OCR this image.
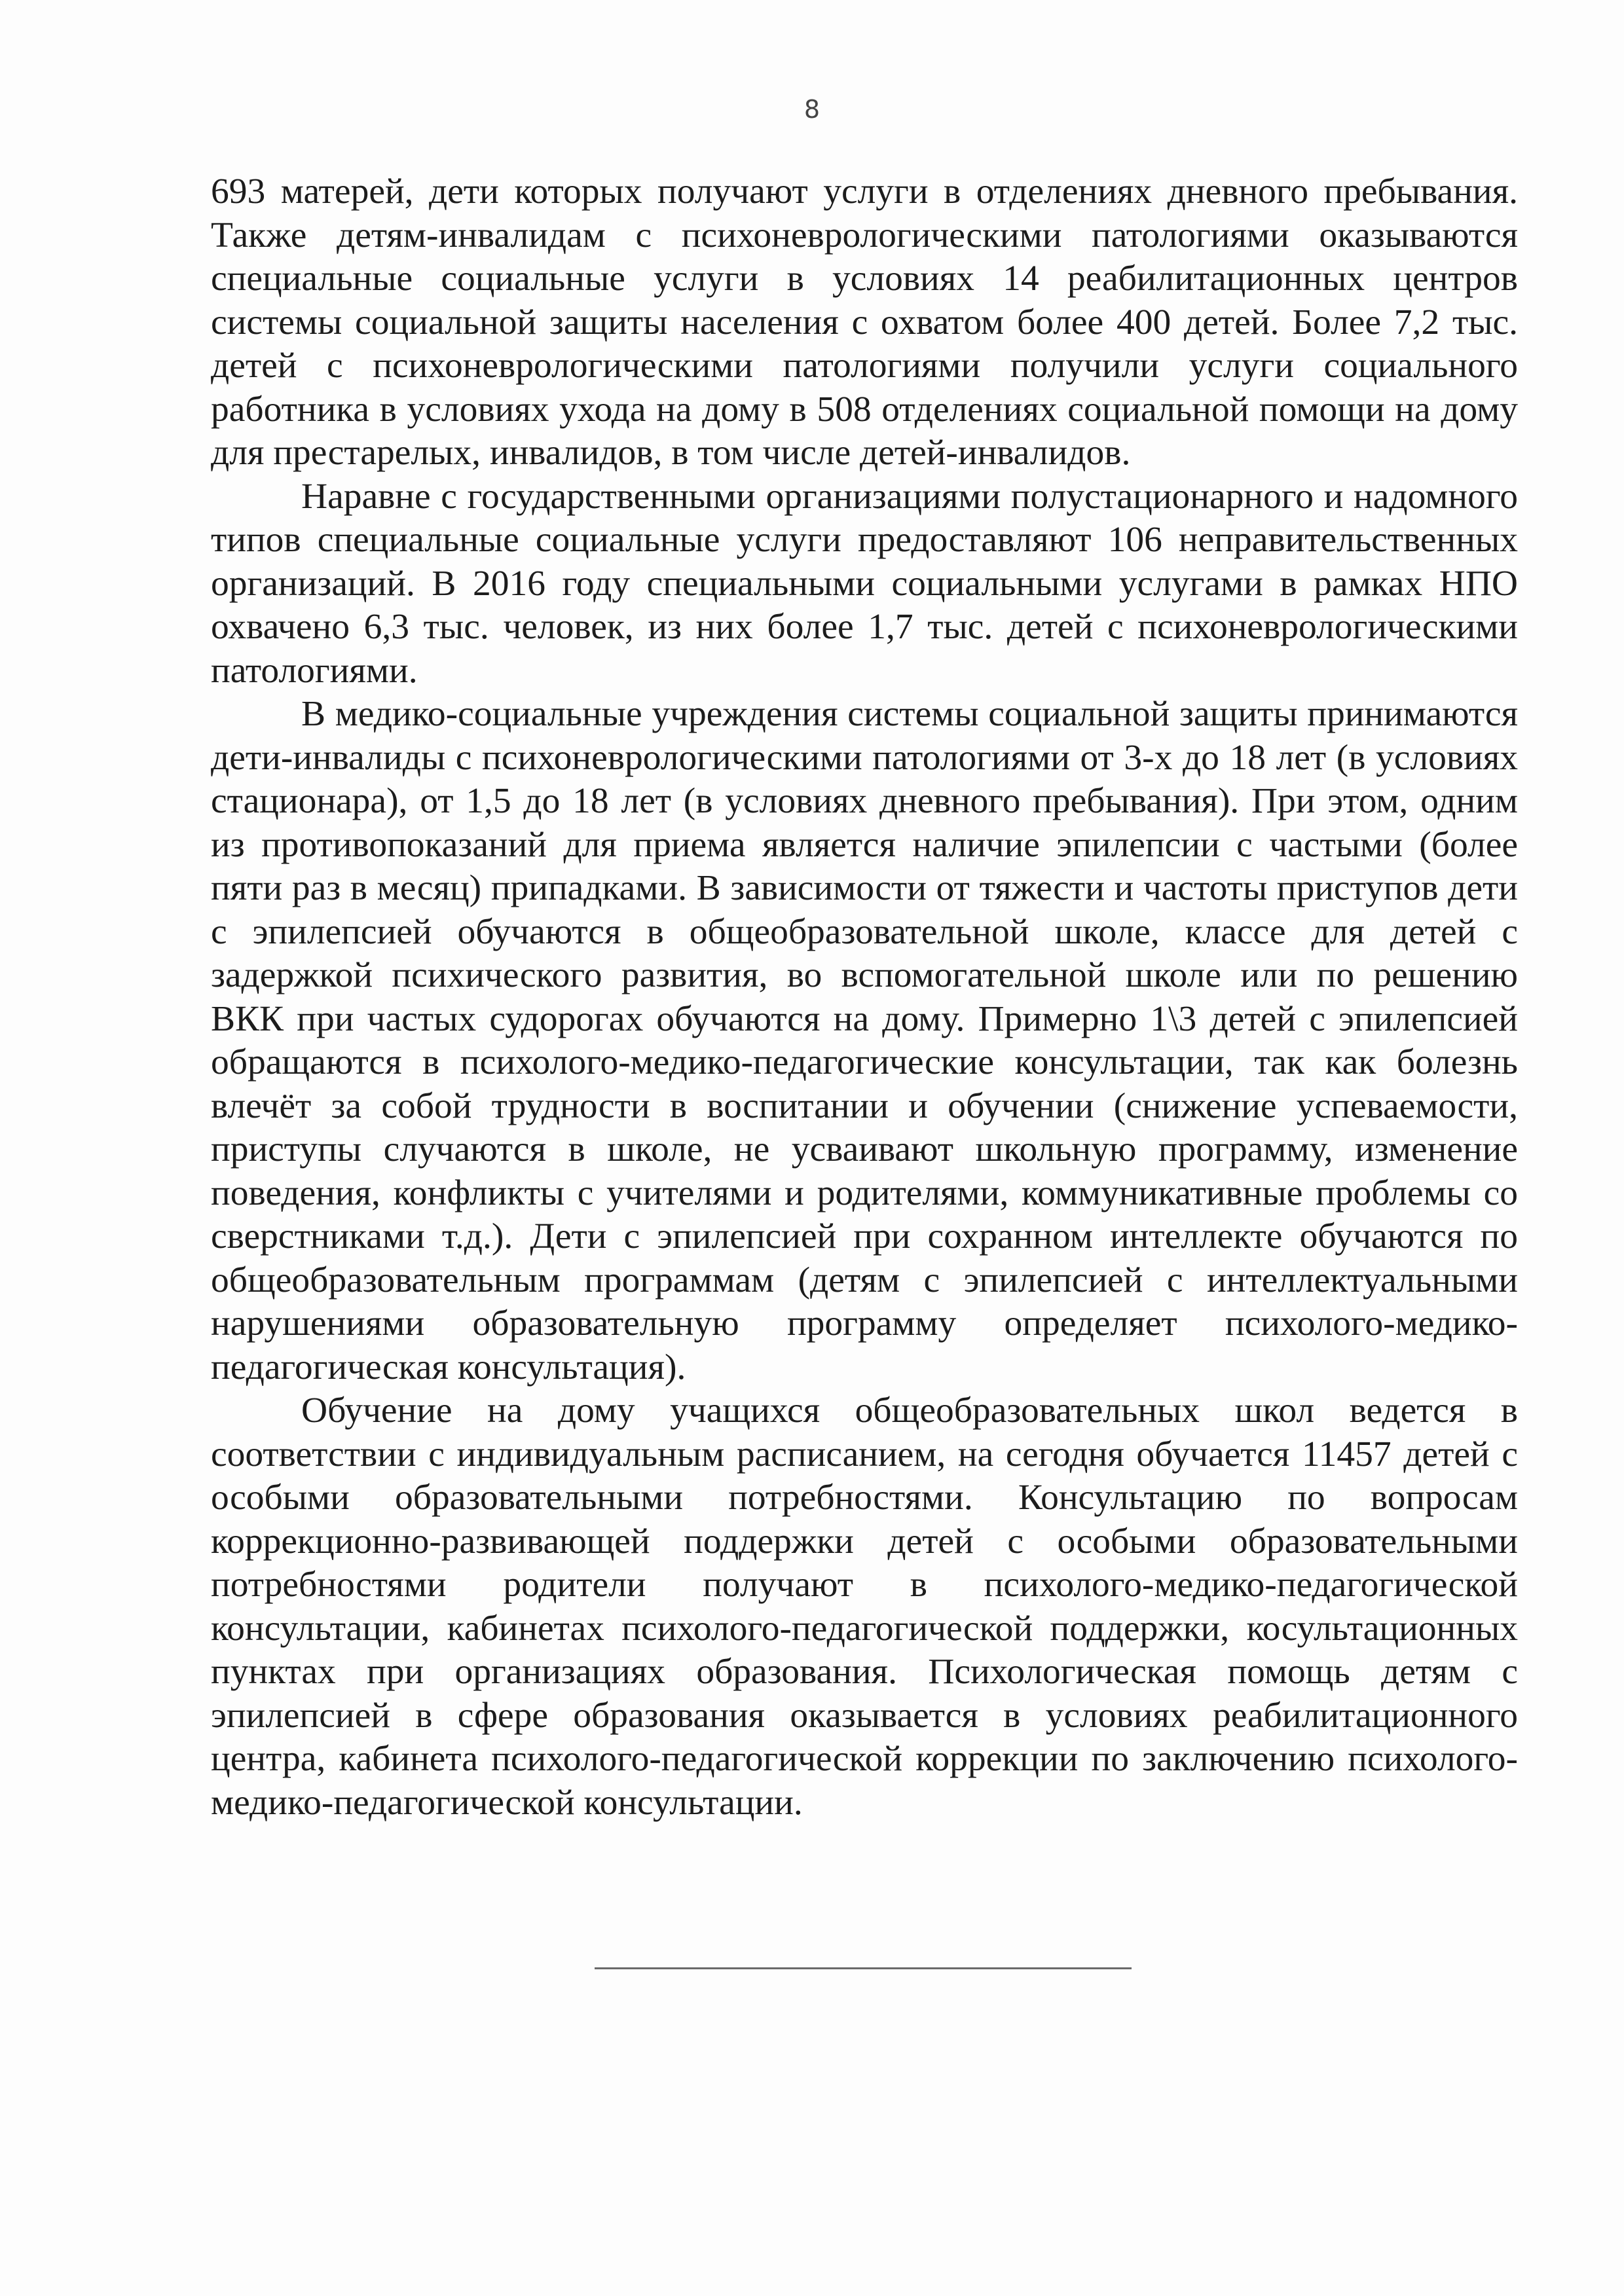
8

693 матерей, дети которых получают услуги в отделениях дневного пребывания. Также детям-инвалидам с психоневрологическими патологиями оказываются специальные социальные услуги в условиях 14 реабилитационных центров системы социальной защиты населения с охватом более 400 детей. Более 7,2 тыс. детей с психоневрологическими патологиями получили услуги социального работника в условиях ухода на дому в 508 отделениях социальной помощи на дому для престарелых, инвалидов, в том числе детей-инвалидов.

Наравне с государственными организациями полустационарного и надомного типов специальные социальные услуги предоставляют 106 неправительственных организаций. В 2016 году специальными социальными услугами в рамках НПО охвачено 6,3 тыс. человек, из них более 1,7 тыс. детей с психоневрологическими патологиями.

В медико-социальные учреждения системы социальной защиты принимаются дети-инвалиды с психоневрологическими патологиями от 3-х до 18 лет (в условиях стационара), от 1,5 до 18 лет (в условиях дневного пребывания). При этом, одним из противопоказаний для приема является наличие эпилепсии с частыми (более пяти раз в месяц) припадками. В зависимости от тяжести и частоты приступов дети с эпилепсией обучаются в общеобразовательной школе, классе для детей с задержкой психического развития, во вспомогательной школе или по решению ВКК при частых судорогах обучаются на дому. Примерно 1\3 детей с эпилепсией обращаются в психолого-медико-педагогические консультации, так как болезнь влечёт за собой трудности в воспитании и обучении (снижение успеваемости, приступы случаются в школе, не усваивают школьную программу, изменение поведения, конфликты с учителями и родителями, коммуникативные проблемы со сверстниками т.д.). Дети с эпилепсией при сохранном интеллекте обучаются по общеобразовательным программам (детям с эпилепсией с интеллектуальными нарушениями образовательную программу определяет психолого-медико-педагогическая консультация).

Обучение на дому учащихся общеобразовательных школ ведется в соответствии с индивидуальным расписанием, на сегодня обучается 11457 детей с особыми образовательными потребностями. Консультацию по вопросам коррекционно-развивающей поддержки детей с особыми образовательными потребностями родители получают в психолого-медико-педагогической консультации, кабинетах психолого-педагогической поддержки, косультационных пунктах при организациях образования. Психологическая помощь детям с эпилепсией в сфере образования оказывается в условиях реабилитационного центра, кабинета психолого-педагогической коррекции по заключению психолого-медико-педагогической консультации.
